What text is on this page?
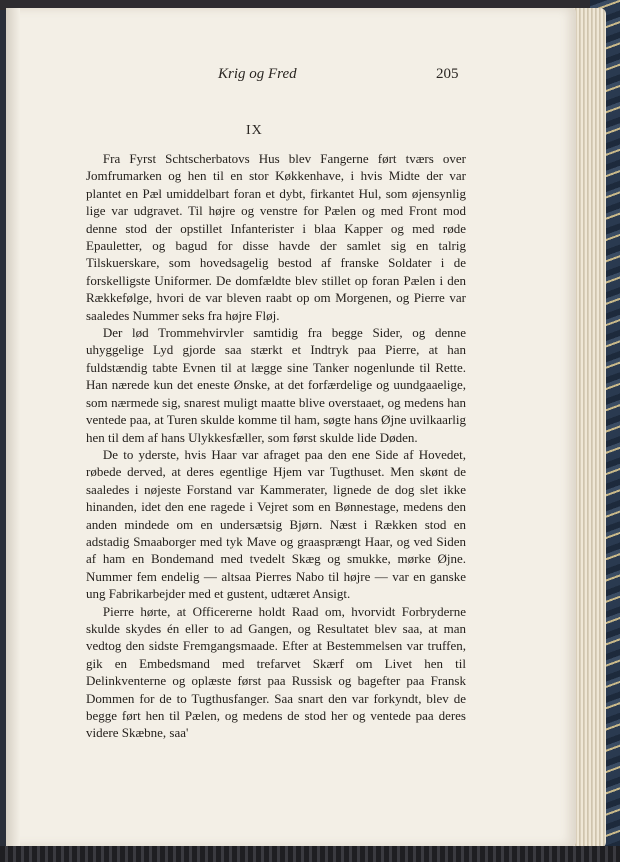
Krig og Fred	205
IX

Fra Fyrst Schtscherbatovs Hus blev Fangerne ført tværs over Jomfrumarken og hen til en stor Køkkenhave, i hvis Midte der var plantet en Pæl umiddelbart foran et dybt, firkantet Hul, som øjensynlig lige var udgravet. Til højre og venstre for Pælen og med Front mod denne stod der opstillet Infanterister i blaa Kapper og med røde Epauletter, og bagud for disse havde der samlet sig en talrig Tilskuerskare, som hovedsagelig bestod af franske Soldater i de forskelligste Uniformer. De domfældte blev stillet op foran Pælen i den Rækkefølge, hvori de var bleven raabt op om Morgenen, og Pierre var saaledes Nummer seks fra højre Fløj.

Der lød Trommehvirvler samtidig fra begge Sider, og denne uhyggelige Lyd gjorde saa stærkt et Indtryk paa Pierre, at han fuldstændig tabte Evnen til at lægge sine Tanker nogenlunde til Rette. Han nærede kun det eneste Ønske, at det forfærdelige og uundgaaelige, som nærmede sig, snarest muligt maatte blive overstaaet, og medens han ventede paa, at Turen skulde komme til ham, søgte hans Øjne uvilkaarlig hen til dem af hans Ulykkesfæller, som først skulde lide Døden.

De to yderste, hvis Haar var afraget paa den ene Side af Hovedet, røbede derved, at deres egentlige Hjem var Tugthuset. Men skønt de saaledes i nøjeste Forstand var Kammerater, lignede de dog slet ikke hinanden, idet den ene ragede i Vejret som en Bønnestage, medens den anden mindede om en undersætsig Bjørn. Næst i Rækken stod en adstadig Smaaborger med tyk Mave og graasprængt Haar, og ved Siden af ham en Bondemand med tvedelt Skæg og smukke, mørke Øjne. Nummer fem endelig — altsaa Pierres Nabo til højre — var en ganske ung Fabrikarbejder med et gustent, udtæret Ansigt.

Pierre hørte, at Officererne holdt Raad om, hvorvidt Forbryderne skulde skydes én eller to ad Gangen, og Resultatet blev saa, at man vedtog den sidste Fremgangsmaade. Efter at Bestemmelsen var truffen, gik en Embedsmand med trefarvet Skærf om Livet hen til Delinkventerne og oplæste først paa Russisk og bagefter paa Fransk Dommen for de to Tugthusfanger. Saa snart den var forkyndt, blev de begge ført hen til Pælen, og medens de stod her og ventede paa deres videre Skæbne, saa'
